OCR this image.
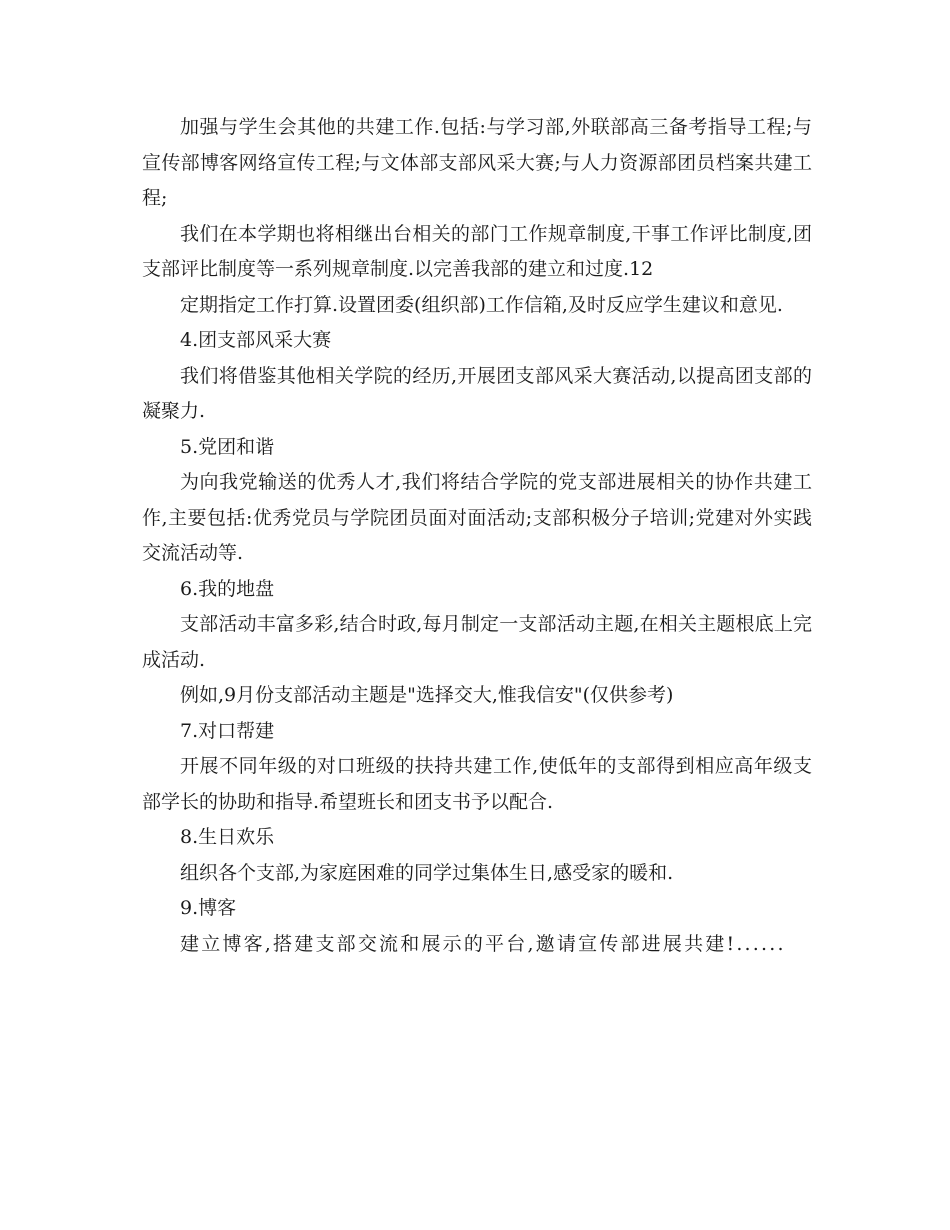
加强与学生会其他的共建工作.包括:与学习部,外联部高三备考指导工程;与宣传部博客网络宣传工程;与文体部支部风采大赛;与人力资源部团员档案共建工程;

我们在本学期也将相继出台相关的部门工作规章制度,干事工作评比制度,团支部评比制度等一系列规章制度.以完善我部的建立和过度.12

定期指定工作打算.设置团委(组织部)工作信箱,及时反应学生建议和意见.

4.团支部风采大赛

我们将借鉴其他相关学院的经历,开展团支部风采大赛活动,以提高团支部的凝聚力.

5.党团和谐

为向我党输送的优秀人才,我们将结合学院的党支部进展相关的协作共建工作,主要包括:优秀党员与学院团员面对面活动;支部积极分子培训;党建对外实践交流活动等.

6.我的地盘

支部活动丰富多彩,结合时政,每月制定一支部活动主题,在相关主题根底上完成活动.

例如,9月份支部活动主题是"选择交大,惟我信安"(仅供参考)

7.对口帮建

开展不同年级的对口班级的扶持共建工作,使低年的支部得到相应高年级支部学长的协助和指导.希望班长和团支书予以配合.

8.生日欢乐

组织各个支部,为家庭困难的同学过集体生日,感受家的暖和.

9.博客

建立博客,搭建支部交流和展示的平台,邀请宣传部进展共建!......
